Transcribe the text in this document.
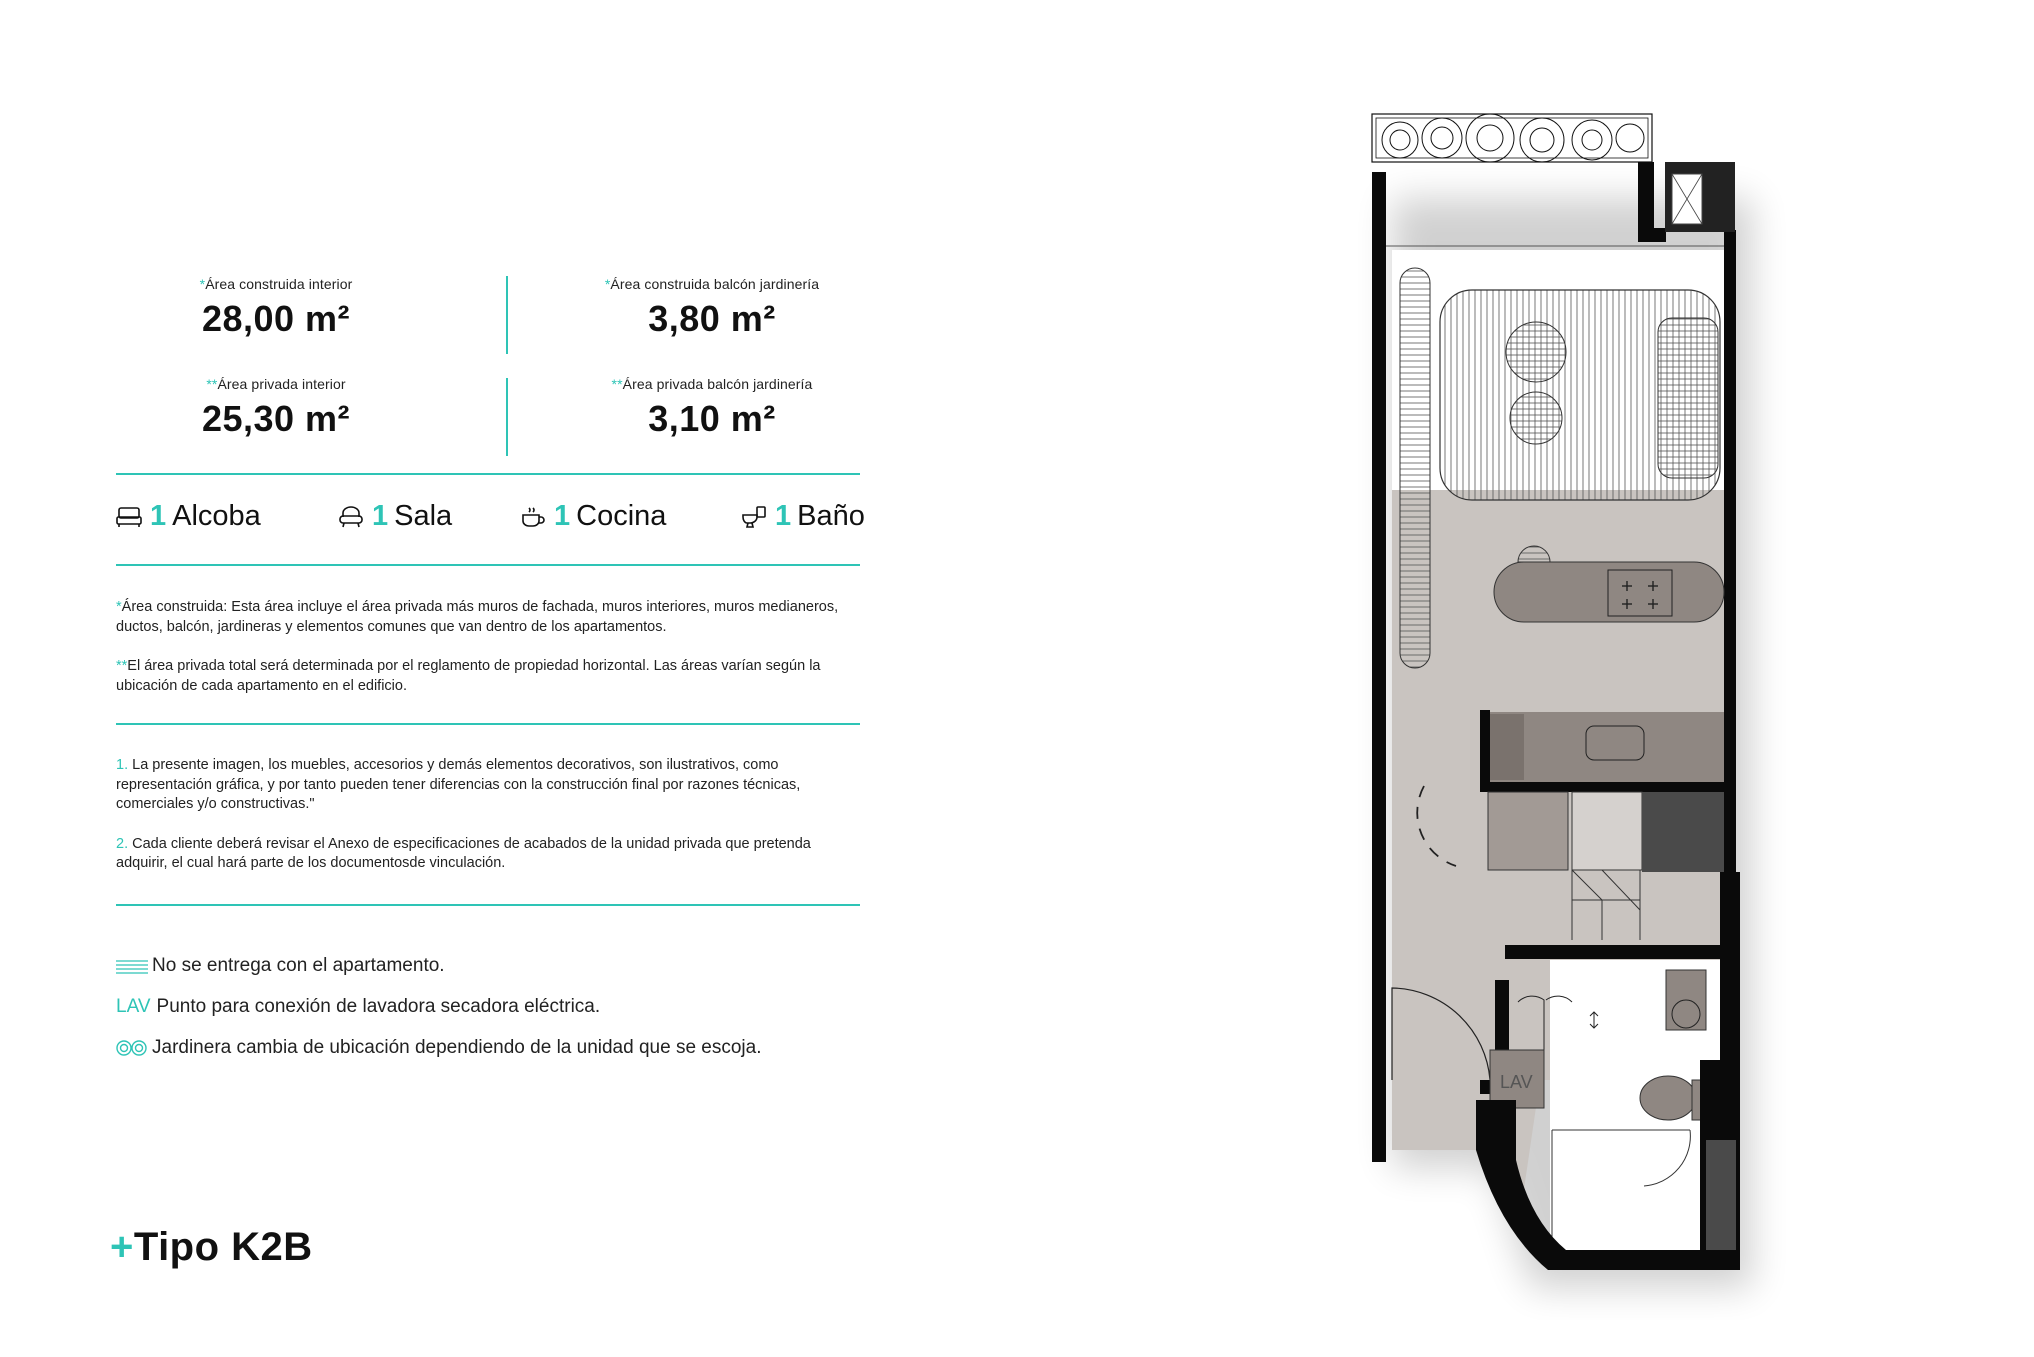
*Área construida interior
28,00 m²
*Área construida balcón jardinería
3,80 m²
**Área privada interior
25,30 m²
**Área privada balcón jardinería
3,10 m²
1 Alcoba	1 Sala	1 Cocina	1 Baño

*Área construida: Esta área incluye el área privada más muros de fachada, muros interiores, muros medianeros, ductos, balcón, jardineras y elementos comunes que van dentro de los apartamentos.

**El área privada total será determinada por el reglamento de propiedad horizontal. Las áreas varían según la ubicación de cada apartamento en el edificio.

1. La presente imagen, los muebles, accesorios y demás elementos decorativos, son ilustrativos, como representación gráfica, y por tanto pueden tener diferencias con la construcción final por razones técnicas, comerciales y/o constructivas."

2. Cada cliente deberá revisar el Anexo de especificaciones de acabados de la unidad privada que pretenda adquirir, el cual hará parte de los documentosde vinculación.

No se entrega con el apartamento.
LAV Punto para conexión de lavadora secadora eléctrica.
Jardinera cambia de ubicación dependiendo de la unidad que se escoja.
+Tipo K2B
LAV
